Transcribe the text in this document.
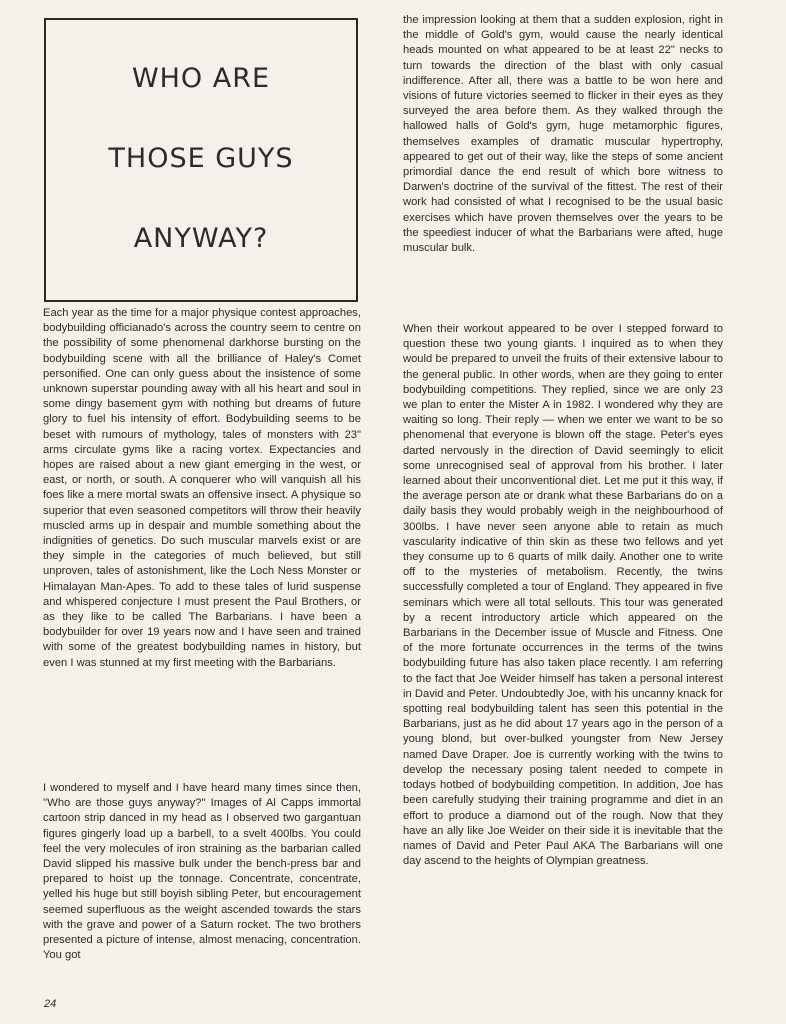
WHO ARE
THOSE GUYS
ANYWAY?

Each year as the time for a major physique contest approaches, bodybuilding officianado's across the country seem to centre on the possibility of some phenomenal darkhorse bursting on the bodybuilding scene with all the brilliance of Haley's Comet personified. One can only guess about the insistence of some unknown superstar pounding away with all his heart and soul in some dingy basement gym with nothing but dreams of future glory to fuel his intensity of effort. Bodybuilding seems to be beset with rumours of mythology, tales of monsters with 23" arms circulate gyms like a racing vortex. Expectancies and hopes are raised about a new giant emerging in the west, or east, or north, or south. A conquerer who will vanquish all his foes like a mere mortal swats an offensive insect. A physique so superior that even seasoned competitors will throw their heavily muscled arms up in despair and mumble something about the indignities of genetics. Do such muscular marvels exist or are they simple in the categories of much believed, but still unproven, tales of astonishment, like the Loch Ness Monster or Himalayan Man-Apes. To add to these tales of lurid suspense and whispered conjecture I must present the Paul Brothers, or as they like to be called The Barbarians. I have been a bodybuilder for over 19 years now and I have seen and trained with some of the greatest bodybuilding names in history, but even I was stunned at my first meeting with the Barbarians.

I wondered to myself and I have heard many times since then, ''Who are those guys anyway?'' Images of Al Capps immortal cartoon strip danced in my head as I observed two gargantuan figures gingerly load up a barbell, to a svelt 400lbs. You could feel the very molecules of iron straining as the barbarian called David slipped his massive bulk under the bench-press bar and prepared to hoist up the tonnage. Concentrate, concentrate, yelled his huge but still boyish sibling Peter, but encouragement seemed superfluous as the weight ascended towards the stars with the grave and power of a Saturn rocket. The two brothers presented a picture of intense, almost menacing, concentration. You got

the impression looking at them that a sudden explosion, right in the middle of Gold's gym, would cause the nearly identical heads mounted on what appeared to be at least 22" necks to turn towards the direction of the blast with only casual indifference. After all, there was a battle to be won here and visions of future victories seemed to flicker in their eyes as they surveyed the area before them. As they walked through the hallowed halls of Gold's gym, huge metamorphic figures, themselves examples of dramatic muscular hypertrophy, appeared to get out of their way, like the steps of some ancient primordial dance the end result of which bore witness to Darwen's doctrine of the survival of the fittest. The rest of their work had consisted of what I recognised to be the usual basic exercises which have proven themselves over the years to be the speediest inducer of what the Barbarians were afted, huge muscular bulk.

When their workout appeared to be over I stepped forward to question these two young giants. I inquired as to when they would be prepared to unveil the fruits of their extensive labour to the general public. In other words, when are they going to enter bodybuilding competitions. They replied, since we are only 23 we plan to enter the Mister A in 1982. I wondered why they are waiting so long. Their reply — when we enter we want to be so phenomenal that everyone is blown off the stage. Peter's eyes darted nervously in the direction of David seemingly to elicit some unrecognised seal of approval from his brother. I later learned about their unconventional diet. Let me put it this way, if the average person ate or drank what these Barbarians do on a daily basis they would probably weigh in the neighbourhood of 300lbs. I have never seen anyone able to retain as much vascularity indicative of thin skin as these two fellows and yet they consume up to 6 quarts of milk daily. Another one to write off to the mysteries of metabolism. Recently, the twins successfully completed a tour of England. They appeared in five seminars which were all total sellouts. This tour was generated by a recent introductory article which appeared on the Barbarians in the December issue of Muscle and Fitness. One of the more fortunate occurrences in the terms of the twins bodybuilding future has also taken place recently. I am referring to the fact that Joe Weider himself has taken a personal interest in David and Peter. Undoubtedly Joe, with his uncanny knack for spotting real bodybuilding talent has seen this potential in the Barbarians, just as he did about 17 years ago in the person of a young blond, but over-bulked youngster from New Jersey named Dave Draper. Joe is currently working with the twins to develop the necessary posing talent needed to compete in todays hotbed of bodybuilding competition. In addition, Joe has been carefully studying their training programme and diet in an effort to produce a diamond out of the rough. Now that they have an ally like Joe Weider on their side it is inevitable that the names of David and Peter Paul AKA The Barbarians will one day ascend to the heights of Olympian greatness.

24
